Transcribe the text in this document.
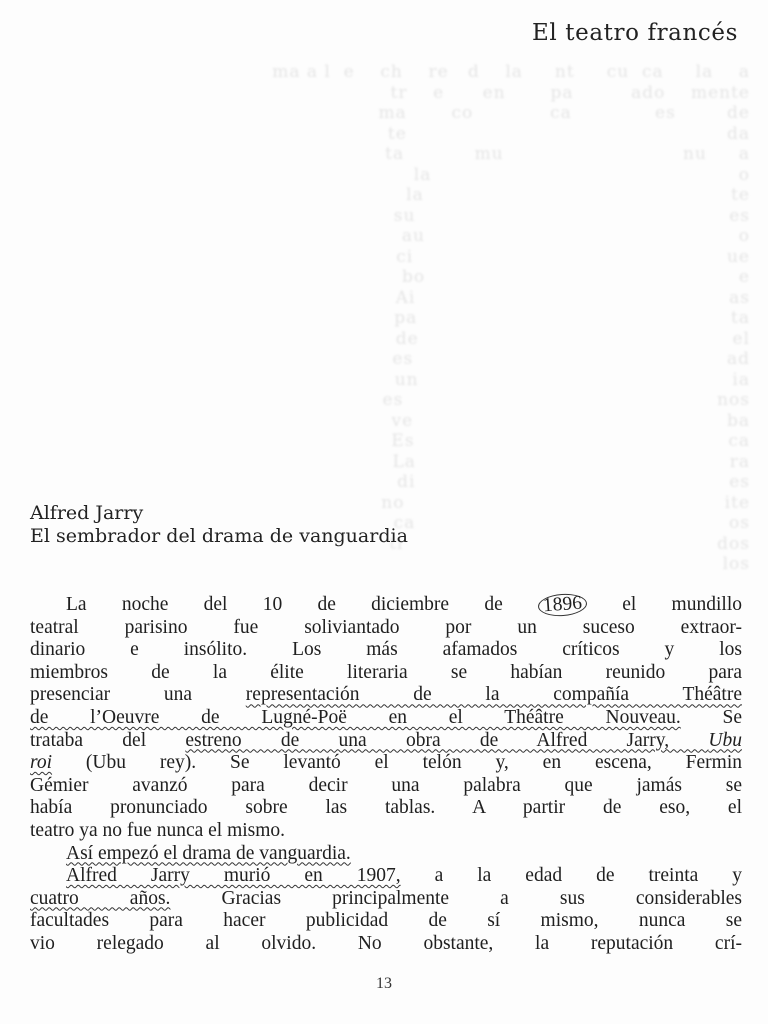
ma a l  e    ch    re   d    la     nt     cu  ca     la    a
tr    e      en       pa         ado    mente
ma       co            ca             es        de
te                                                  da
ta           mu                            nu     a
la                                                o
la                                                te
su                                                 es
au                                                 o
ci                                                 ue
bo                                                 e
Ai                                                 as
pa                                                 ta
de                                                 el
es                                                 ad
un                                                 ia
es                                                 nos
ve                                                 ba
Es                                                 ca
La                                                 ra
di                                                 es
no                                                  ite
ca                                                 os
ti                                                 dos
los
El teatro francés
Alfred Jarry
El sembrador del drama de vanguardia
La noche del 10 de diciembre de 1896 el mundillo
teatral parisino fue soliviantado por un suceso extraor-
dinario e insólito. Los más afamados críticos y los
miembros de la élite literaria se habían reunido para
presenciar una representación de la compañía Théâtre
de l’Oeuvre de Lugné-Poë en el Théâtre Nouveau. Se
trataba del estreno de una obra de Alfred Jarry, Ubu
roi (Ubu rey). Se levantó el telón y, en escena, Fermin
Gémier avanzó para decir una palabra que jamás se
había pronunciado sobre las tablas. A partir de eso, el
teatro ya no fue nunca el mismo.
Así empezó el drama de vanguardia.
Alfred Jarry murió en 1907, a la edad de treinta y
cuatro años. Gracias principalmente a sus considerables
facultades para hacer publicidad de sí mismo, nunca se
vio relegado al olvido. No obstante, la reputación crí-
13
